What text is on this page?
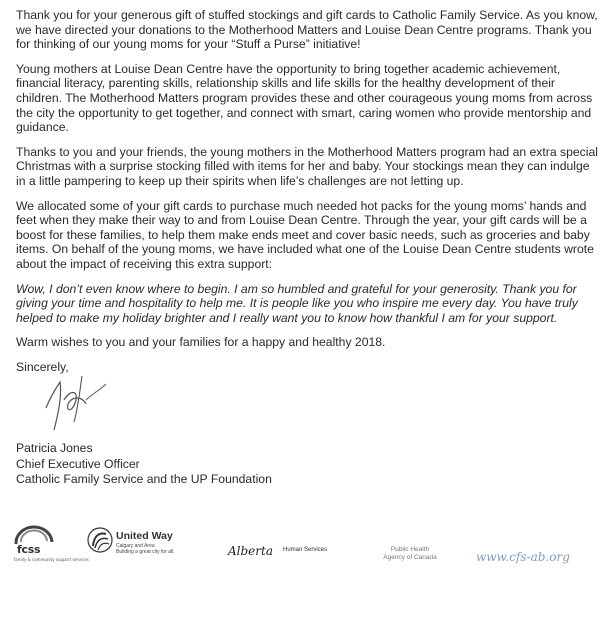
Thank you for your generous gift of stuffed stockings and gift cards to Catholic Family Service. As you know, we have directed your donations to the Motherhood Matters and Louise Dean Centre programs. Thank you for thinking of our young moms for your “Stuff a Purse” initiative!

Young mothers at Louise Dean Centre have the opportunity to bring together academic achievement, financial literacy, parenting skills, relationship skills and life skills for the healthy development of their children. The Motherhood Matters program provides these and other courageous young moms from across the city the opportunity to get together, and connect with smart, caring women who provide mentorship and guidance.

Thanks to you and your friends, the young mothers in the Motherhood Matters program had an extra special Christmas with a surprise stocking filled with items for her and baby. Your stockings mean they can indulge in a little pampering to keep up their spirits when life’s challenges are not letting up.

We allocated some of your gift cards to purchase much needed hot packs for the young moms’ hands and feet when they make their way to and from Louise Dean Centre. Through the year, your gift cards will be a boost for these families, to help them make ends meet and cover basic needs, such as groceries and baby items. On behalf of the young moms, we have included what one of the Louise Dean Centre students wrote about the impact of receiving this extra support:

Wow, I don’t even know where to begin. I am so humbled and grateful for your generosity. Thank you for giving your time and hospitality to help me. It is people like you who inspire me every day. You have truly helped to make my holiday brighter and I really want you to know how thankful I am for your support.

Warm wishes to you and your families for a happy and healthy 2018.

Sincerely,

Patricia Jones
Chief Executive Officer
Catholic Family Service and the UP Foundation
family & community support services
fcss
United Way
Calgary and Area
Building a great city for all.	Alberta Human Services	Public Health
Agency of Canada	www.cfs-ab.org
